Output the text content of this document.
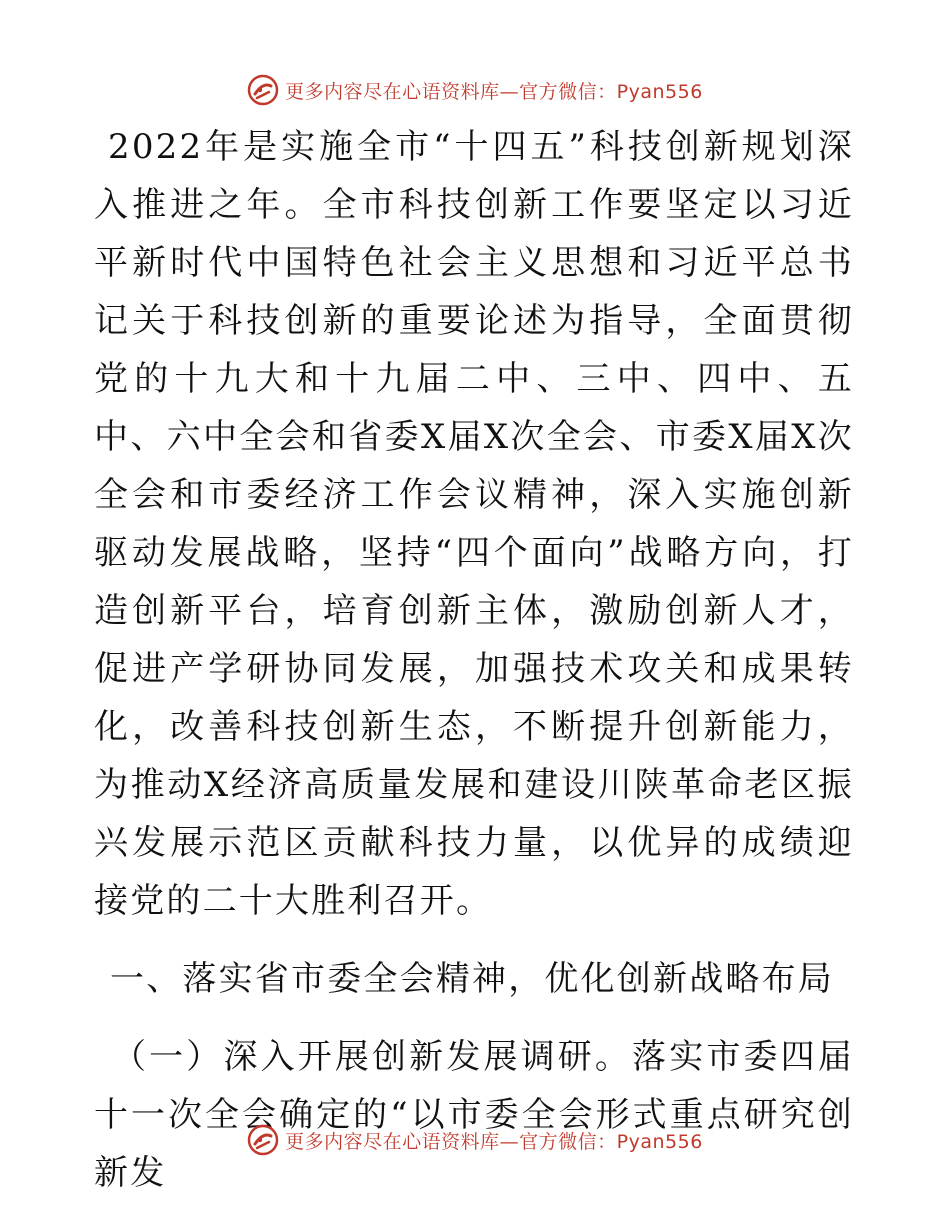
更多内容尽在心语资料库—官方微信：Pyan556

2022年是实施全市“十四五”科技创新规划深入推进之年。全市科技创新工作要坚定以习近平新时代中国特色社会主义思想和习近平总书记关于科技创新的重要论述为指导，全面贯彻党的十九大和十九届二中、三中、四中、五中、六中全会和省委X届X次全会、市委X届X次全会和市委经济工作会议精神，深入实施创新驱动发展战略，坚持“四个面向”战略方向，打造创新平台，培育创新主体，激励创新人才，促进产学研协同发展，加强技术攻关和成果转化，改善科技创新生态，不断提升创新能力，为推动X经济高质量发展和建设川陕革命老区振兴发展示范区贡献科技力量，以优异的成绩迎接党的二十大胜利召开。

一、落实省市委全会精神，优化创新战略布局

（一）深入开展创新发展调研。落实市委四届十一次全会确定的“以市委全会形式重点研究创新发

更多内容尽在心语资料库—官方微信：Pyan556
